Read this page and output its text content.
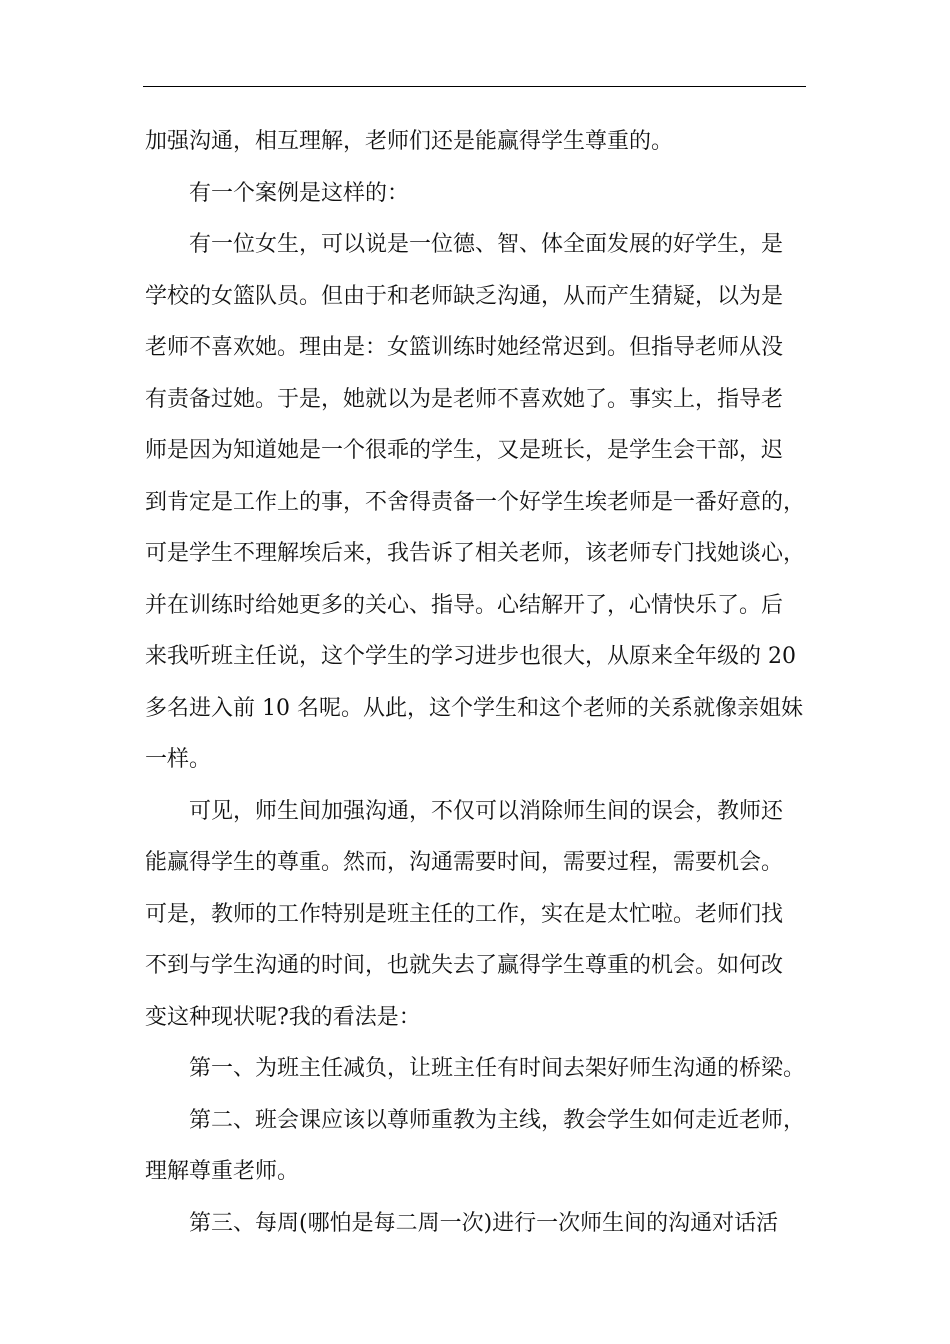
加强沟通，相互理解，老师们还是能赢得学生尊重的。
有一个案例是这样的：
有一位女生，可以说是一位德、智、体全面发展的好学生，是
学校的女篮队员。但由于和老师缺乏沟通，从而产生猜疑，以为是
老师不喜欢她。理由是：女篮训练时她经常迟到。但指导老师从没
有责备过她。于是，她就以为是老师不喜欢她了。事实上，指导老
师是因为知道她是一个很乖的学生，又是班长，是学生会干部，迟
到肯定是工作上的事，不舍得责备一个好学生埃老师是一番好意的，
可是学生不理解埃后来，我告诉了相关老师，该老师专门找她谈心，
并在训练时给她更多的关心、指导。心结解开了，心情快乐了。后
来我听班主任说，这个学生的学习进步也很大，从原来全年级的 20
多名进入前 10 名呢。从此，这个学生和这个老师的关系就像亲姐妹
一样。
可见，师生间加强沟通，不仅可以消除师生间的误会，教师还
能赢得学生的尊重。然而，沟通需要时间，需要过程，需要机会。
可是，教师的工作特别是班主任的工作，实在是太忙啦。老师们找
不到与学生沟通的时间，也就失去了赢得学生尊重的机会。如何改
变这种现状呢?我的看法是：
第一、为班主任减负，让班主任有时间去架好师生沟通的桥梁。
第二、班会课应该以尊师重教为主线，教会学生如何走近老师，
理解尊重老师。
第三、每周(哪怕是每二周一次)进行一次师生间的沟通对话活
